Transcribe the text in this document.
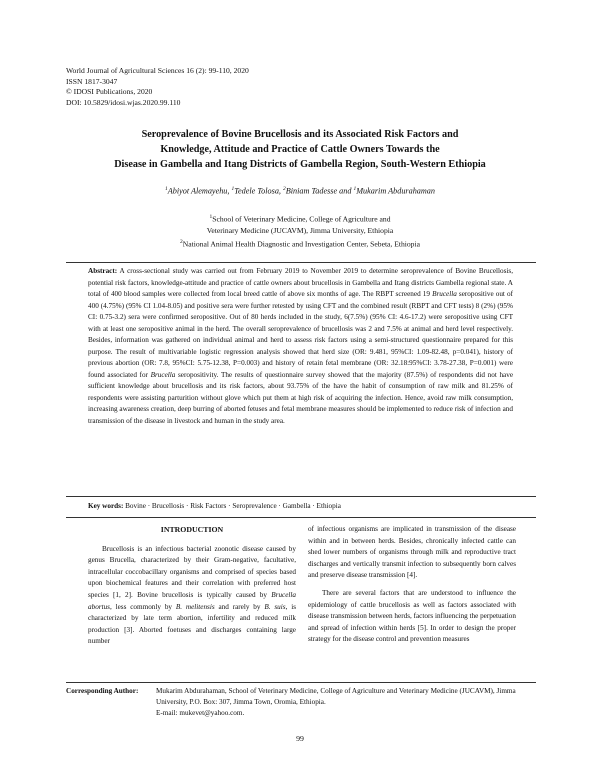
World Journal of Agricultural Sciences 16 (2): 99-110, 2020
ISSN 1817-3047
© IDOSI Publications, 2020
DOI: 10.5829/idosi.wjas.2020.99.110
Seroprevalence of Bovine Brucellosis and its Associated Risk Factors and
Knowledge, Attitude and Practice of Cattle Owners Towards the
Disease in Gambella and Itang Districts of Gambella Region, South-Western Ethiopia
$^1$Abiyot Alemayehu, $^1$Tedele Tolosa, $^2$Biniam Tadesse and $^1$Mukarim Abdurahaman
$^1$School of Veterinary Medicine, College of Agriculture and
Veterinary Medicine (JUCAVM), Jimma University, Ethiopia
$^2$National Animal Health Diagnostic and Investigation Center, Sebeta, Ethiopia
Abstract: A cross-sectional study was carried out from February 2019 to November 2019 to determine seroprevalence of Bovine Brucellosis, potential risk factors, knowledge-attitude and practice of cattle owners about brucellosis in Gambella and Itang districts Gambella regional state. A total of 400 blood samples were collected from local breed cattle of above six months of age. The RBPT screened 19 Brucella seropositive out of 400 (4.75%) (95% CI 1.04-8.05) and positive sera were further retested by using CFT and the combined result (RBPT and CFT tests) 8 (2%) (95% CI: 0.75-3.2) sera were confirmed seropositive. Out of 80 herds included in the study, 6(7.5%) (95% CI: 4.6-17.2) were seropositive using CFT with at least one seropositive animal in the herd. The overall seroprevalence of brucellosis was 2 and 7.5% at animal and herd level respectively. Besides, information was gathered on individual animal and herd to assess risk factors using a semi-structured questionnaire prepared for this purpose. The result of multivariable logistic regression analysis showed that herd size (OR: 9.481, 95%CI: 1.09-82.48, p=0.041), history of previous abortion (OR: 7.8, 95%CI: 5.75-12.38, P=0.003) and history of retain fetal membrane (OR: 32.18:95%CI: 3.78-27.38, P=0.001) were found associated for Brucella seropositivity. The results of questionnaire survey showed that the majority (87.5%) of respondents did not have sufficient knowledge about brucellosis and its risk factors, about 93.75% of the have the habit of consumption of raw milk and 81.25% of respondents were assisting parturition without glove which put them at high risk of acquiring the infection. Hence, avoid raw milk consumption, increasing awareness creation, deep burring of aborted fetuses and fetal membrane measures should be implemented to reduce risk of infection and transmission of the disease in livestock and human in the study area.
Key words: Bovine · Brucellosis · Risk Factors · Seroprevalence · Gambella · Ethiopia
INTRODUCTION

Brucellosis is an infectious bacterial zoonotic disease caused by genus Brucella, characterized by their Gram-negative, facultative, intracellular coccobacillary organisms and comprised of species based upon biochemical features and their correlation with preferred host species [1, 2]. Bovine brucellosis is typically caused by Brucella abortus, less commonly by B. melitensis and rarely by B. suis, is characterized by late term abortion, infertility and reduced milk production [3]. Aborted foetuses and discharges containing large number

of infectious organisms are implicated in transmission of the disease within and in between herds. Besides, chronically infected cattle can shed lower numbers of organisms through milk and reproductive tract discharges and vertically transmit infection to subsequently born calves and preserve disease transmission [4].

There are several factors that are understood to influence the epidemiology of cattle brucellosis as well as factors associated with disease transmission between herds, factors influencing the perpetuation and spread of infection within herds [5]. In order to design the proper strategy for the disease control and prevention measures

Corresponding Author: Mukarim Abdurahaman, School of Veterinary Medicine, College of Agriculture and Veterinary Medicine (JUCAVM), Jimma University, P.O. Box: 307, Jimma Town, Oromia, Ethiopia.
E-mail: mukevet@yahoo.com.
99
